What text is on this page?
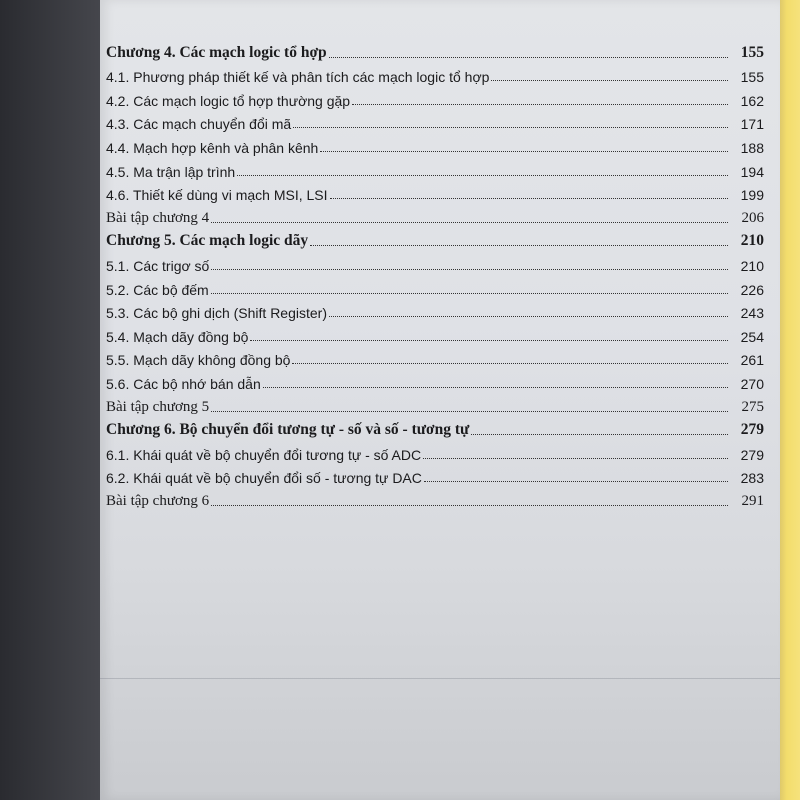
Chương 4. Các mạch logic tổ hợp	155
4.1. Phương pháp thiết kế và phân tích các mạch logic tổ hợp	155
4.2. Các mạch logic tổ hợp thường gặp	162
4.3. Các mạch chuyển đổi mã	171
4.4. Mạch hợp kênh và phân kênh	188
4.5. Ma trận lập trình	194
4.6. Thiết kế dùng vi mạch MSI, LSI	199
Bài tập chương 4	206
Chương 5. Các mạch logic dãy	210
5.1. Các trigơ số	210
5.2. Các bộ đếm	226
5.3. Các bộ ghi dịch (Shift Register)	243
5.4. Mạch dãy đồng bộ	254
5.5. Mạch dãy không đồng bộ	261
5.6. Các bộ nhớ bán dẫn	270
Bài tập chương 5	275
Chương 6. Bộ chuyển đổi tương tự - số và số - tương tự	279
6.1. Khái quát về bộ chuyển đổi tương tự - số ADC	279
6.2. Khái quát về bộ chuyển đổi số - tương tự DAC	283
Bài tập chương 6	291
